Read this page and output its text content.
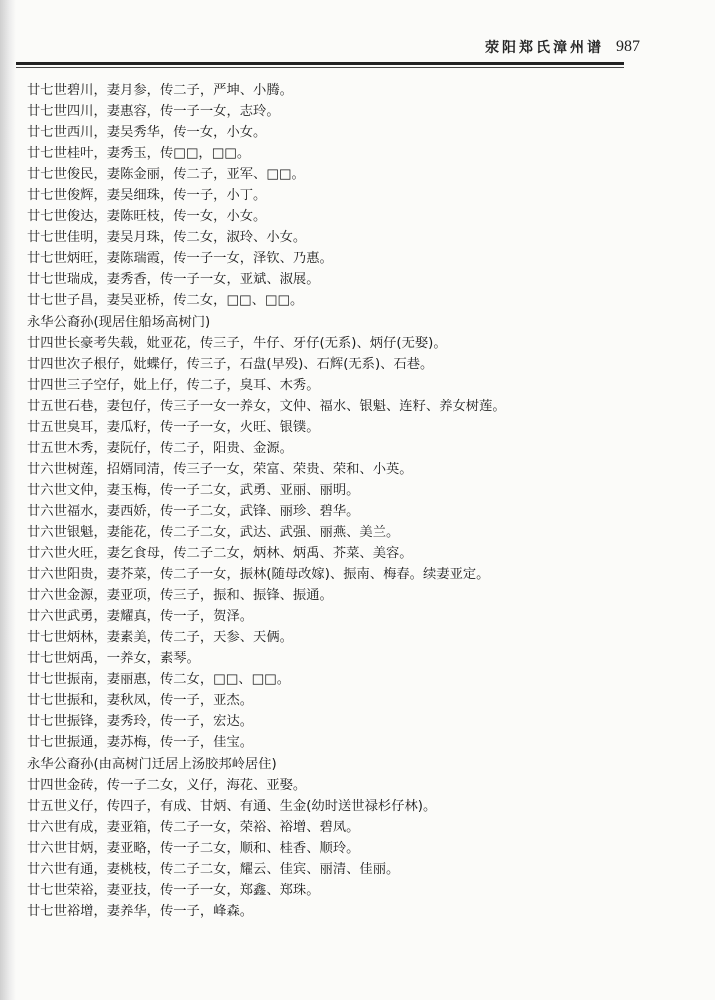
荥阳郑氏漳州谱 987
廿七世碧川，妻月参，传二子，严坤、小腾。
廿七世四川，妻惠容，传一子一女，志玲。
廿七世西川，妻吴秀华，传一女，小女。
廿七世桂叶，妻秀玉，传□□，□□。
廿七世俊民，妻陈金丽，传二子，亚军、□□。
廿七世俊辉，妻吴细珠，传一子，小丁。
廿七世俊达，妻陈旺枝，传一女，小女。
廿七世佳明，妻吴月珠，传二女，淑玲、小女。
廿七世炳旺，妻陈瑞霞，传一子一女，泽钦、乃惠。
廿七世瑞成，妻秀香，传一子一女，亚斌、淑展。
廿七世子昌，妻吴亚桥，传二女，□□、□□。
永华公裔孙(现居住船场高树门)
廿四世长豪考失载，妣亚花，传三子，牛仔、牙仔(无系)、炳仔(无娶)。
廿四世次子根仔，妣蝶仔，传三子，石盘(早殁)、石辉(无系)、石巷。
廿四世三子空仔，妣上仔，传二子，臭耳、木秀。
廿五世石巷，妻包仔，传三子一女一养女，文仲、福水、银魁、连籽、养女树莲。
廿五世臭耳，妻瓜籽，传一子一女，火旺、银镤。
廿五世木秀，妻阮仔，传二子，阳贵、金源。
廿六世树莲，招婿同清，传三子一女，荣富、荣贵、荣和、小英。
廿六世文仲，妻玉梅，传一子二女，武勇、亚丽、丽明。
廿六世福水，妻西娇，传一子二女，武锋、丽珍、碧华。
廿六世银魁，妻能花，传二子二女，武达、武强、丽燕、美兰。
廿六世火旺，妻乞食母，传二子二女，炳林、炳禹、芥菜、美容。
廿六世阳贵，妻芥菜，传二子一女，振林(随母改嫁)、振南、梅春。续妻亚定。
廿六世金源，妻亚项，传三子，振和、振锋、振通。
廿六世武勇，妻耀真，传一子，贺泽。
廿七世炳林，妻素美，传二子，天参、天俩。
廿七世炳禹，一养女，素琴。
廿七世振南，妻丽惠，传二女，□□、□□。
廿七世振和，妻秋凤，传一子，亚杰。
廿七世振锋，妻秀玲，传一子，宏达。
廿七世振通，妻苏梅，传一子，佳宝。
永华公裔孙(由高树门迁居上汤胶邦岭居住)
廿四世金砖，传一子二女，义仔，海花、亚娶。
廿五世义仔，传四子，有成、甘炳、有通、生金(幼时送世禄杉仔林)。
廿六世有成，妻亚箱，传二子一女，荣裕、裕增、碧凤。
廿六世甘炳，妻亚略，传一子二女，顺和、桂香、顺玲。
廿六世有通，妻桃枝，传二子二女，耀云、佳宾、丽清、佳丽。
廿七世荣裕，妻亚技，传一子一女，郑鑫、郑珠。
廿七世裕增，妻养华，传一子，峰森。
